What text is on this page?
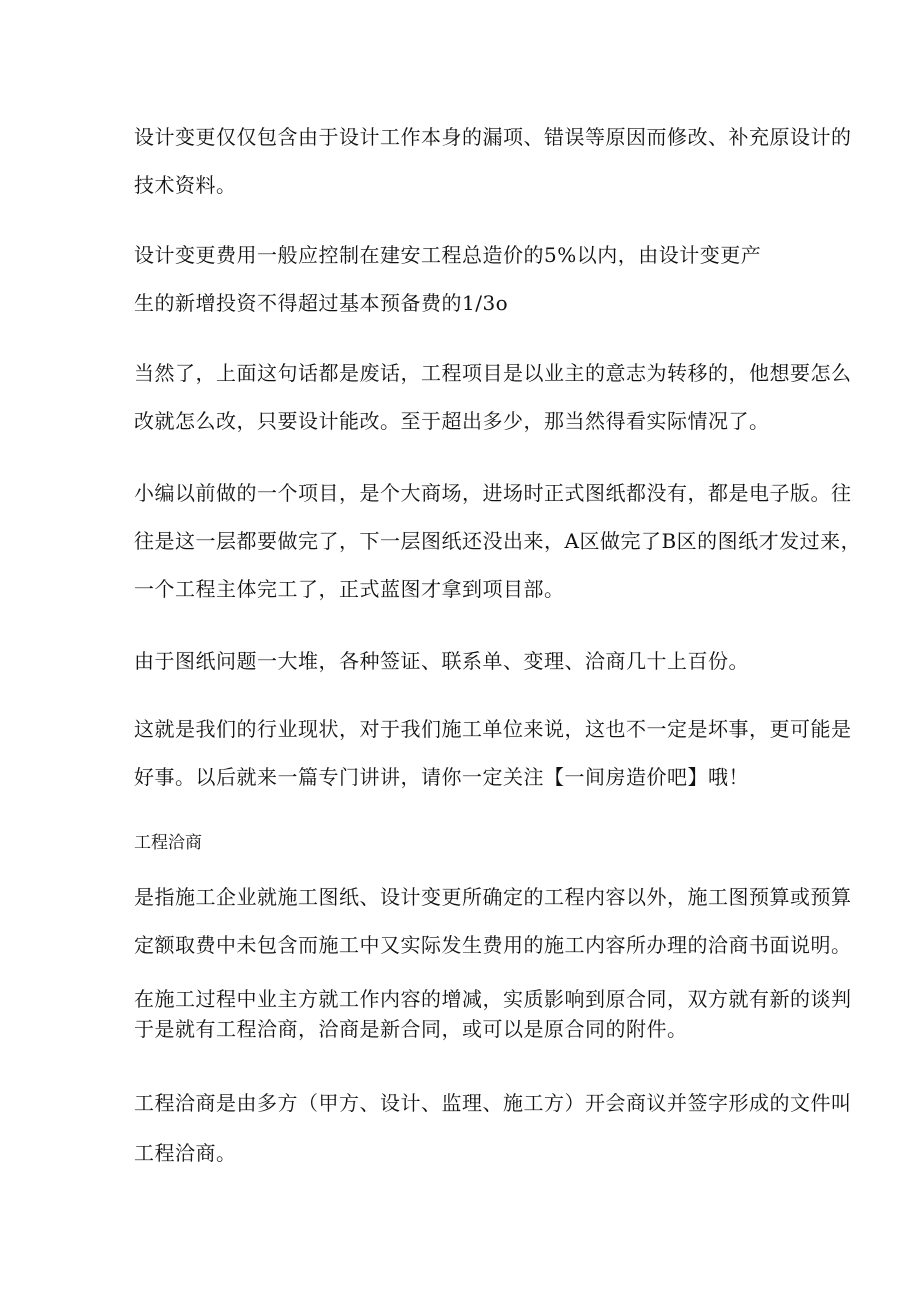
设计变更仅仅包含由于设计工作本身的漏项、错误等原因而修改、补充原设计的
技术资料。
设计变更费用一般应控制在建安工程总造价的5%以内，由设计变更产
生的新增投资不得超过基本预备费的1/3o
当然了，上面这句话都是废话，工程项目是以业主的意志为转移的，他想要怎么
改就怎么改，只要设计能改。至于超出多少，那当然得看实际情况了。
小编以前做的一个项目，是个大商场，进场时正式图纸都没有，都是电子版。往
往是这一层都要做完了，下一层图纸还没出来，A区做完了B区的图纸才发过来，
一个工程主体完工了，正式蓝图才拿到项目部。
由于图纸问题一大堆，各种签证、联系单、变理、洽商几十上百份。
这就是我们的行业现状，对于我们施工单位来说，这也不一定是坏事，更可能是
好事。以后就来一篇专门讲讲，请你一定关注【一间房造价吧】哦！
工程洽商
是指施工企业就施工图纸、设计变更所确定的工程内容以外，施工图预算或预算
定额取费中未包含而施工中又实际发生费用的施工内容所办理的洽商书面说明。
在施工过程中业主方就工作内容的增减，实质影响到原合同，双方就有新的谈判
于是就有工程洽商，洽商是新合同，或可以是原合同的附件。
工程洽商是由多方（甲方、设计、监理、施工方）开会商议并签字形成的文件叫
工程洽商。
